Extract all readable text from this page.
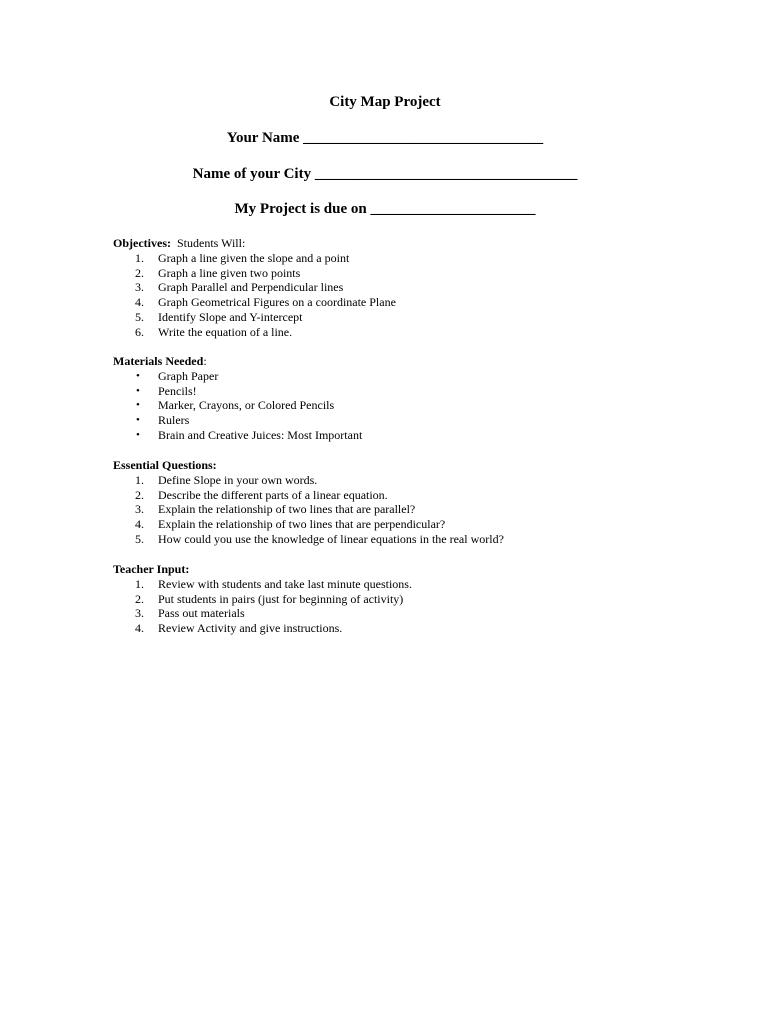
City Map Project
Your Name ________________________________
Name of your City ___________________________________
My Project is due on ______________________
Objectives: Students Will:
1.	Graph a line given the slope and a point
2.	Graph a line given two points
3.	Graph Parallel and Perpendicular lines
4.	Graph Geometrical Figures on a coordinate Plane
5.	Identify Slope and Y-intercept
6.	Write the equation of a line.
Materials Needed:
• Graph Paper
• Pencils!
• Marker, Crayons, or Colored Pencils
• Rulers
• Brain and Creative Juices: Most Important
Essential Questions:
1.	Define Slope in your own words.
2.	Describe the different parts of a linear equation.
3.	Explain the relationship of two lines that are parallel?
4.	Explain the relationship of two lines that are perpendicular?
5.	How could you use the knowledge of linear equations in the real world?
Teacher Input:
1.	Review with students and take last minute questions.
2.	Put students in pairs (just for beginning of activity)
3.	Pass out materials
4.	Review Activity and give instructions.
